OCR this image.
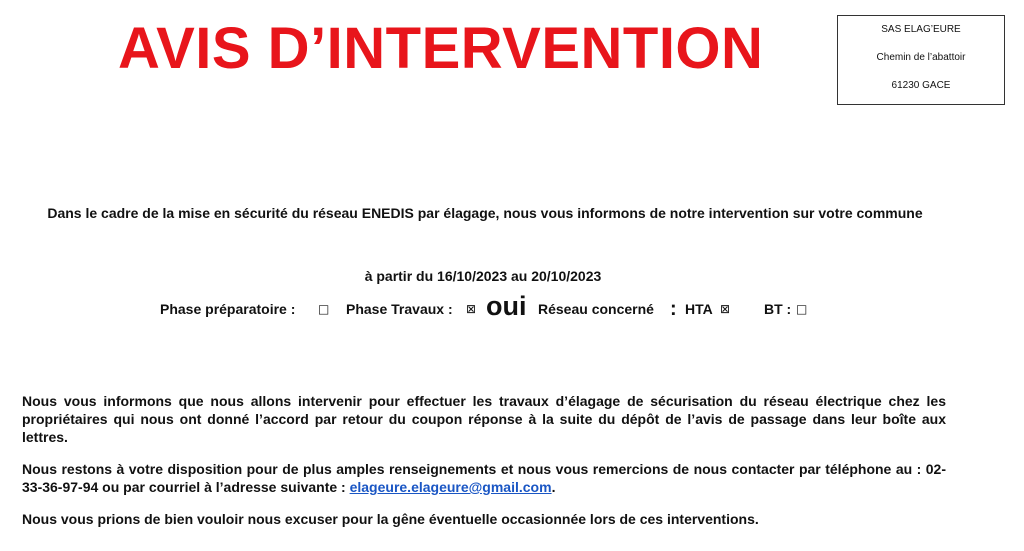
AVIS D’INTERVENTION	SAS ELAG’EURE
Chemin de l’abattoir
61230 GACE
Dans le cadre de la mise en sécurité du réseau ENEDIS par élagage, nous vous informons de notre intervention sur votre commune
à partir du 16/10/2023 au 20/10/2023
Phase préparatoire : □ Phase Travaux : ⊠ oui Réseau concerné : HTA ⊠ BT : □
Nous vous informons que nous allons intervenir pour effectuer les travaux d’élagage de sécurisation du réseau électrique chez les propriétaires qui nous ont donné l’accord par retour du coupon réponse à la suite du dépôt de l’avis de passage dans leur boîte aux lettres.
Nous restons à votre disposition pour de plus amples renseignements et nous vous remercions de nous contacter par téléphone au : 02-33-36-97-94 ou par courriel à l’adresse suivante : elageure.elageure@gmail.com.
Nous vous prions de bien vouloir nous excuser pour la gêne éventuelle occasionnée lors de ces interventions.
